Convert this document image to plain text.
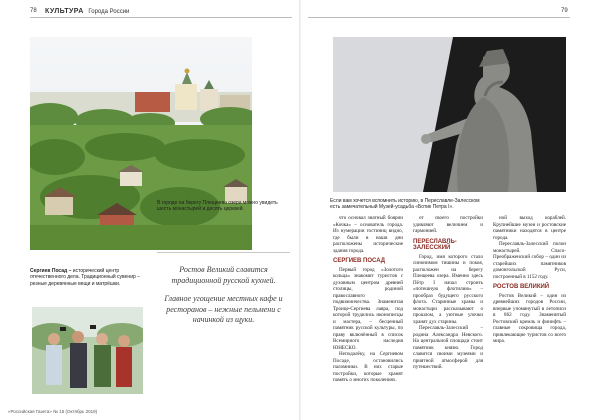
78 КУЛЬТУРА Города России	79
В городе на берегу Плещеева озера можно увидеть шесть монастырей и десять церквей.
Сергиев Посад – исторический центр отечественного дела. Традиционный сувенир – резные деревянные вещи и матрёшки.

Ростов Великий славится традиционной русской кухней.

Главное угощение местных кафе и ресторанов – нежные пельмени с начинкой из щуки.

Если вам хочется вспомнить историю, в Переславле-Залесском есть замечательный Музей-усадьба «Ботик Петра I».

что основал знатный боярин «Кочка» – основатель города. Из нумерации гостиниц видно, где были в наши дни расположены исторические здания города.

СЕРГИЕВ ПОСАД

Первый город «Золотого кольца» знакомит туристов с духовным центром древней столицы, родиной православного подвижничества. Знаменитая Троице-Сергиева лавра, под которой трудились иконописцы и мастера, – бесценный памятник русской культуры, по праву включённый в список Всемирного наследия ЮНЕСКО.

Неподалёку, на Сергиевом Посаде, остановились паломники. В них старые постройки, которые хранят память о многих поколениях.

от своего постройки удивляют величием и гармонией.

ПЕРЕСЛАВЛЬ-ЗАЛЕССКИЙ

Город, имя которого стало синонимом тишины и покоя, расположен на берегу Плещеева озера. Именно здесь Пётр I начал строить «потешную флотилию» – прообраз будущего русского флота. Старинные храмы и монастыри рассказывают о прошлом, а уютные улочки хранят дух старины.

Переславль-Залесский – родина Александра Невского. На центральной площади стоит памятник князю. Город славится своими музеями и приятной атмосферой для путешествий.

ной выход кораблей. Крупнейшие музеи и ростовские памятники находятся в центре города.

Переславль-Залесский полон монастырей. Спасо-Преображенский собор – один из старейших памятников домонгольской Руси, построенный в 1152 году.

РОСТОВ ВЕЛИКИЙ

Ростов Великий – один из древнейших городов России, впервые упомянутый в летописи в 862 году. Знаменитый Ростовский кремль и финифть – главные сокровища города, привлекающие туристов со всего мира.

«Российская Газета» № 15 (Октябрь 2019)
